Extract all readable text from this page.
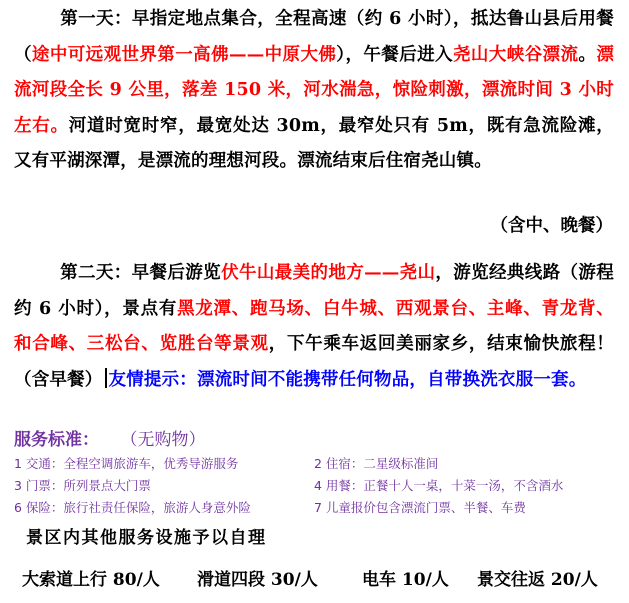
第一天：早指定地点集合，全程高速（约 6 小时），抵达鲁山县后用餐（途中可远观世界第一高佛——中原大佛），午餐后进入尧山大峡谷漂流。漂流河段全长 9 公里，落差 150 米，河水湍急，惊险刺激，漂流时间 3 小时左右。河道时宽时窄，最宽处达 30m，最窄处只有 5m，既有急流险滩，又有平湖深潭，是漂流的理想河段。漂流结束后住宿尧山镇。
（含中、晚餐）
第二天：早餐后游览伏牛山最美的地方——尧山，游览经典线路（游程约 6 小时），景点有黑龙潭、跑马场、白牛城、西观景台、主峰、青龙背、和合峰、三松台、览胜台等景观，下午乘车返回美丽家乡，结束愉快旅程！（含早餐） 友情提示：漂流时间不能携带任何物品，自带换洗衣服一套。
服务标准： （无购物）
1 交通：全程空调旅游车，优秀导游服务	2 住宿：二星级标准间
3 门票：所列景点大门票	4 用餐：正餐十人一桌，十菜一汤，不含酒水
6 保险：旅行社责任保险，旅游人身意外险	7 儿童报价包含漂流门票、半餐、车费
景区内其他服务设施予以自理
大索道上行 80/人 滑道四段 30/人	电车 10/人 景交往返 20/人
